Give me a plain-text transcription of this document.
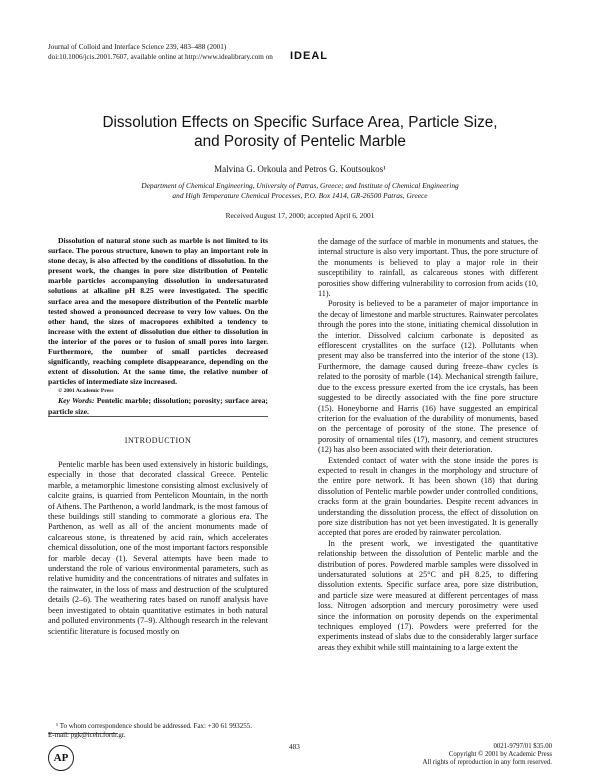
Journal of Colloid and Interface Science 239, 483–488 (2001)
doi:10.1006/jcis.2001.7607, available online at http://www.idealibrary.com on IDEAL
Dissolution Effects on Specific Surface Area, Particle Size,
and Porosity of Pentelic Marble
Malvina G. Orkoula and Petros G. Koutsoukos¹
Department of Chemical Engineering, University of Patras, Greece; and Institute of Chemical Engineering
and High Temperature Chemical Processes, P.O. Box 1414, GR-26500 Patras, Greece
Received August 17, 2000; accepted April 6, 2001

Dissolution of natural stone such as marble is not limited to its surface. The porous structure, known to play an important role in stone decay, is also affected by the conditions of dissolution. In the present work, the changes in pore size distribution of Pentelic marble particles accompanying dissolution in undersaturated solutions at alkaline pH 8.25 were investigated. The specific surface area and the mesopore distribution of the Pentelic marble tested showed a pronounced decrease to very low values. On the other hand, the sizes of macropores exhibited a tendency to increase with the extent of dissolution due either to dissolution in the interior of the pores or to fusion of small pores into larger. Furthermore, the number of small particles decreased significantly, reaching complete disappearance, depending on the extent of dissolution. At the same time, the relative number of particles of intermediate size increased.

© 2001 Academic Press

Key Words: Pentelic marble; dissolution; porosity; surface area; particle size.

INTRODUCTION

Pentelic marble has been used extensively in historic buildings, especially in those that decorated classical Greece. Pentelic marble, a metamorphic limestone consisting almost exclusively of calcite grains, is quarried from Pentelicon Mountain, in the north of Athens. The Parthenon, a world landmark, is the most famous of these buildings still standing to commorate a glorious era. The Parthenon, as well as all of the ancient monuments made of calcareous stone, is threatened by acid rain, which accelerates chemical dissolution, one of the most important factors responsible for marble decay (1). Several attempts have been made to understand the role of various environmental parameters, such as relative humidity and the concentrations of nitrates and sulfates in the rainwater, in the loss of mass and destruction of the sculptured details (2–6). The weathering rates based on runoff analysis have been investigated to obtain quantitative estimates in both natural and polluted environments (7–9). Although research in the relevant scientific literature is focused mostly on

¹ To whom correspondence should be addressed. Fax: +30 61 993255.
E-mail: pgk@iceht.forth.gr.

the damage of the surface of marble in monuments and statues, the internal structure is also very important. Thus, the pore structure of the monuments is believed to play a major role in their susceptibility to rainfall, as calcareous stones with different porosities show differing vulnerability to corrosion from acids (10, 11).

Porosity is believed to be a parameter of major importance in the decay of limestone and marble structures. Rainwater percolates through the pores into the stone, initiating chemical dissolution in the interior. Dissolved calcium carbonate is deposited as efflorescent crystallites on the surface (12). Pollutants when present may also be transferred into the interior of the stone (13). Furthermore, the damage caused during freeze–thaw cycles is related to the porosity of marble (14). Mechanical strength failure, due to the excess pressure exerted from the ice crystals, has been suggested to be directly associated with the fine pore structure (15). Honeyborne and Harris (16) have suggested an empirical criterion for the evaluation of the durability of monuments, based on the percentage of porosity of the stone. The presence of porosity of ornamental tiles (17), masonry, and cement structures (12) has also been associated with their deterioration.

Extended contact of water with the stone inside the pores is expected to result in changes in the morphology and structure of the entire pore network. It has been shown (18) that during dissolution of Pentelic marble powder under controlled conditions, cracks form at the grain boundaries. Despite recent advances in understanding the dissolution process, the effect of dissolution on pore size distribution has not yet been investigated. It is generally accepted that pores are eroded by rainwater percolation.

In the present work, we investigated the quantitative relationship between the dissolution of Pentelic marble and the distribution of pores. Powdered marble samples were dissolved in undersaturated solutions at 25°C and pH 8.25, to differing dissolution extents. Specific surface area, pore size distribution, and particle size were measured at different percentages of mass loss. Nitrogen adsorption and mercury porosimetry were used since the information on porosity depends on the experimental techniques employed (17). Powders were preferred for the experiments instead of slabs due to the considerably larger surface areas they exhibit while still maintaining to a large extent the

AP
483	0021-9797/01 $35.00
Copyright © 2001 by Academic Press
All rights of reproduction in any form reserved.
